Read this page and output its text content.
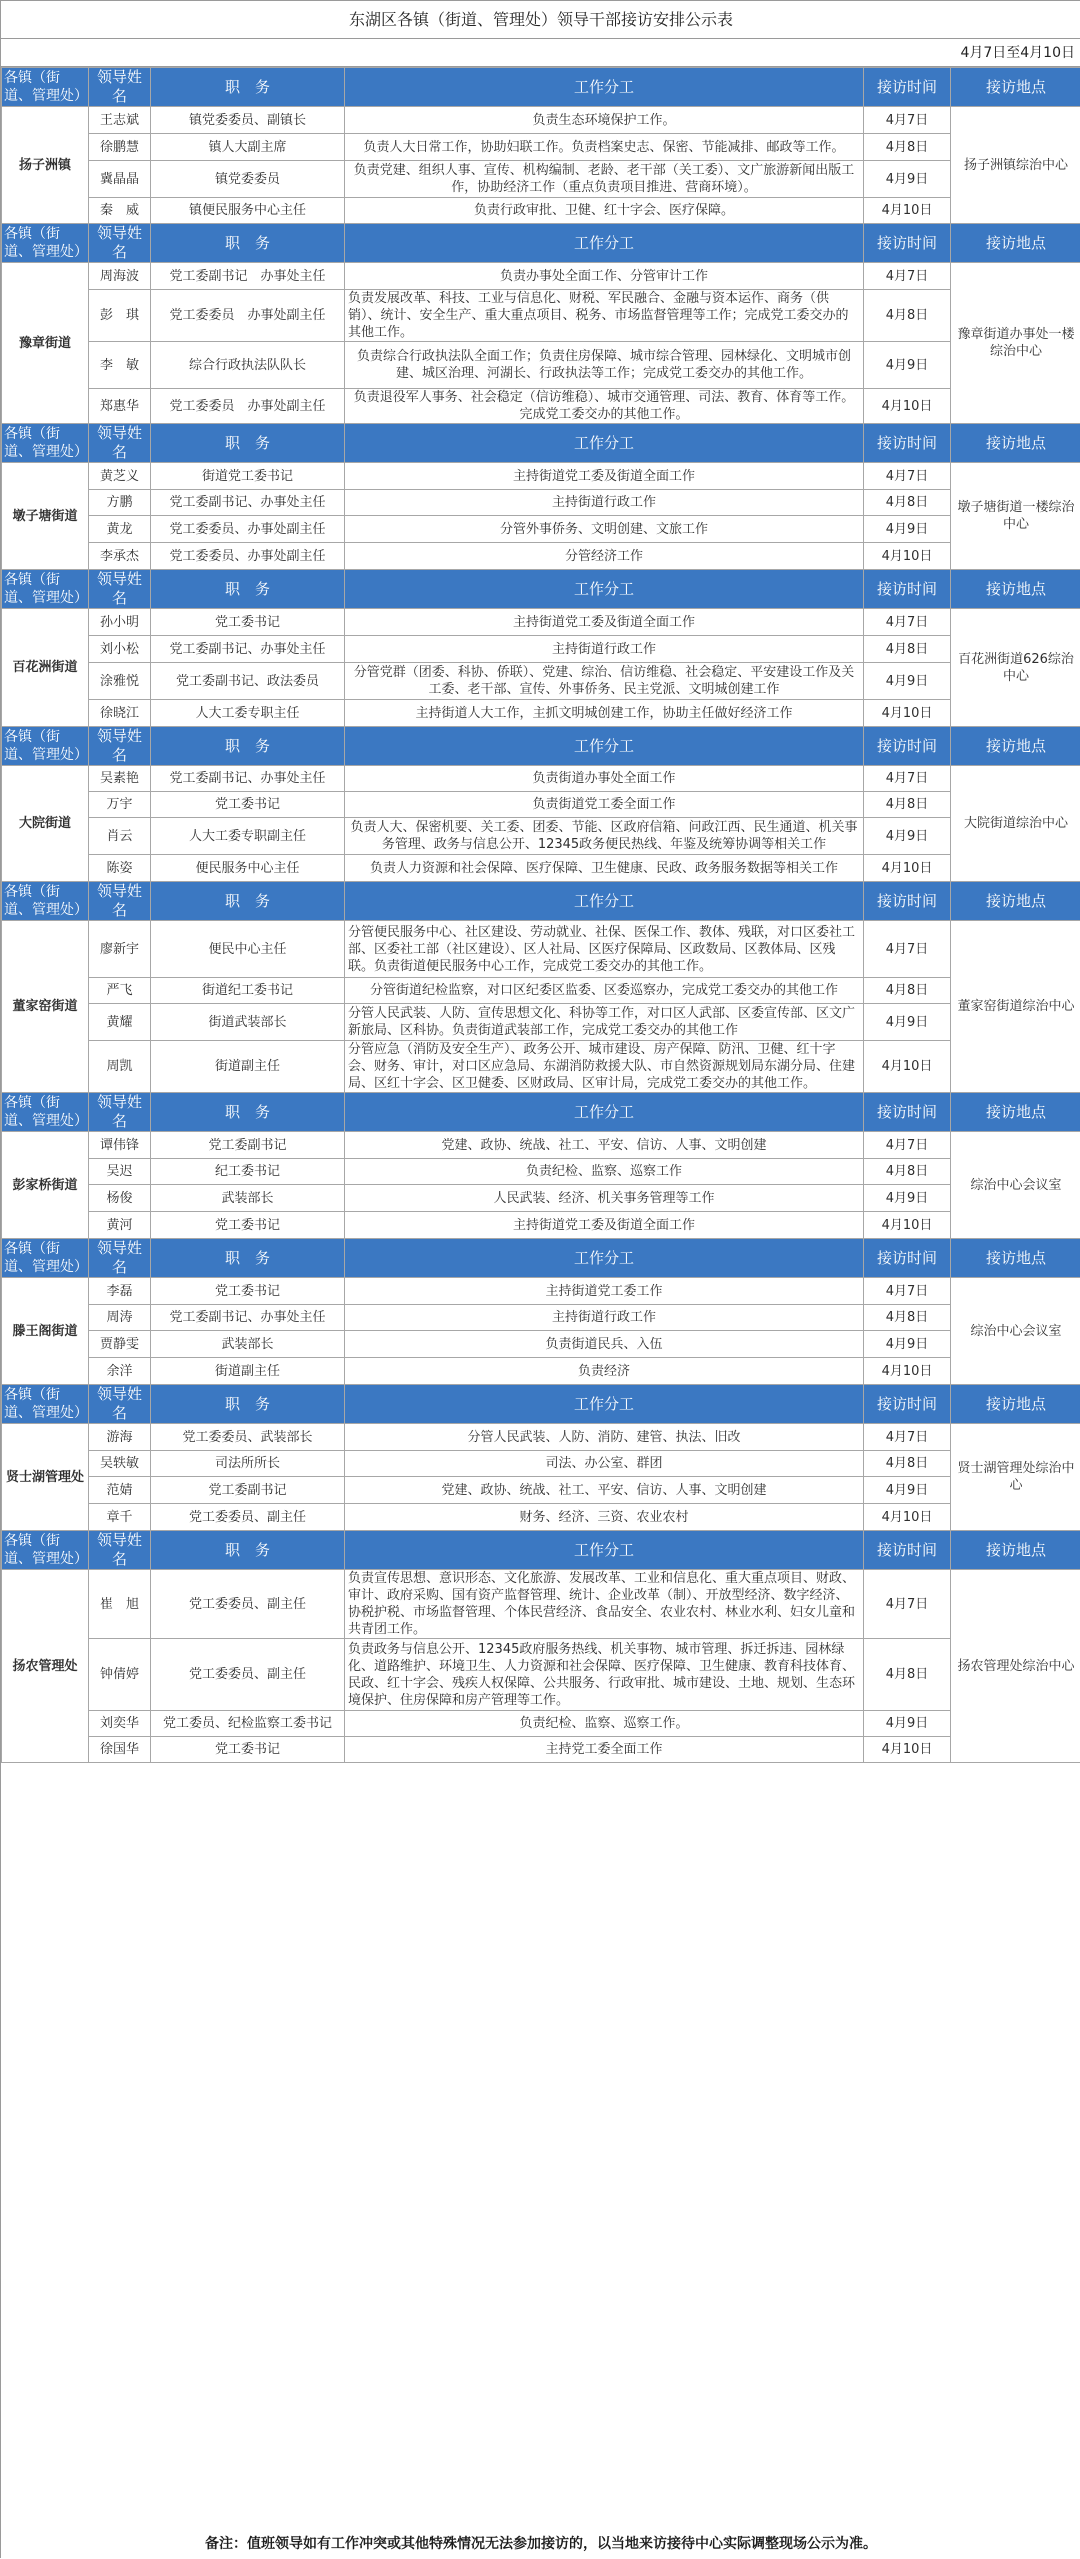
东湖区各镇（街道、管理处）领导干部接访安排公示表
4月7日至4月10日
各镇（街道、管理处）	领导姓名	职　务	工作分工	接访时间	接访地点
扬子洲镇	王志斌	镇党委委员、副镇长	负责生态环境保护工作。	4月7日	扬子洲镇综治中心
	徐鹏慧	镇人大副主席	负责人大日常工作，协助妇联工作。负责档案史志、保密、节能减排、邮政等工作。	4月8日	
	冀晶晶	镇党委委员	负责党建、组织人事、宣传、机构编制、老龄、老干部（关工委）、文广旅游新闻出版工作，协助经济工作（重点负责项目推进、营商环境）。	4月9日	
	秦　威	镇便民服务中心主任	负责行政审批、卫健、红十字会、医疗保障。	4月10日	
各镇（街道、管理处）	领导姓名	职　务	工作分工	接访时间	接访地点
豫章街道	周海波	党工委副书记　办事处主任	负责办事处全面工作、分管审计工作	4月7日	豫章街道办事处一楼综治中心
	彭　琪	党工委委员　办事处副主任	负责发展改革、科技、工业与信息化、财税、军民融合、金融与资本运作、商务（供销）、统计、安全生产、重大重点项目、税务、市场监督管理等工作；完成党工委交办的其他工作。	4月8日	
	李　敏	综合行政执法队队长	负责综合行政执法队全面工作；负责住房保障、城市综合管理、园林绿化、文明城市创建、城区治理、河湖长、行政执法等工作；完成党工委交办的其他工作。	4月9日	
	郑惠华	党工委委员　办事处副主任	负责退役军人事务、社会稳定（信访维稳）、城市交通管理、司法、教育、体育等工作。完成党工委交办的其他工作。	4月10日	
各镇（街道、管理处）	领导姓名	职　务	工作分工	接访时间	接访地点
墩子塘街道	黄芝义	街道党工委书记	主持街道党工委及街道全面工作	4月7日	墩子塘街道一楼综治中心
	方鹏	党工委副书记、办事处主任	主持街道行政工作	4月8日	
	黄龙	党工委委员、办事处副主任	分管外事侨务、文明创建、文旅工作	4月9日	
	李承杰	党工委委员、办事处副主任	分管经济工作	4月10日	
各镇（街道、管理处）	领导姓名	职　务	工作分工	接访时间	接访地点
百花洲街道	孙小明	党工委书记	主持街道党工委及街道全面工作	4月7日	百花洲街道626综治中心
	刘小松	党工委副书记、办事处主任	主持街道行政工作	4月8日	
	涂雅悦	党工委副书记、政法委员	分管党群（团委、科协、侨联）、党建、综治、信访维稳、社会稳定、平安建设工作及关工委、老干部、宣传、外事侨务、民主党派、文明城创建工作	4月9日	
	徐晓江	人大工委专职主任	主持街道人大工作，主抓文明城创建工作，协助主任做好经济工作	4月10日	
各镇（街道、管理处）	领导姓名	职　务	工作分工	接访时间	接访地点
大院街道	吴素艳	党工委副书记、办事处主任	负责街道办事处全面工作	4月7日	大院街道综治中心
	万宇	党工委书记	负责街道党工委全面工作	4月8日	
	肖云	人大工委专职副主任	负责人大、保密机要、关工委、团委、节能、区政府信箱、问政江西、民生通道、机关事务管理、政务与信息公开、12345政务便民热线、年鉴及统筹协调等相关工作	4月9日	
	陈姿	便民服务中心主任	负责人力资源和社会保障、医疗保障、卫生健康、民政、政务服务数据等相关工作	4月10日	
各镇（街道、管理处）	领导姓名	职　务	工作分工	接访时间	接访地点
董家窑街道	廖新宇	便民中心主任	分管便民服务中心、社区建设、劳动就业、社保、医保工作、教体、残联，对口区委社工部、区委社工部（社区建设）、区人社局、区医疗保障局、区政数局、区教体局、区残联。负责街道便民服务中心工作，完成党工委交办的其他工作。	4月7日	董家窑街道综治中心
	严飞	街道纪工委书记	分管街道纪检监察，对口区纪委区监委、区委巡察办，完成党工委交办的其他工作	4月8日	
	黄耀	街道武装部长	分管人民武装、人防、宣传思想文化、科协等工作，对口区人武部、区委宣传部、区文广新旅局、区科协。负责街道武装部工作，完成党工委交办的其他工作	4月9日	
	周凯	街道副主任	分管应急（消防及安全生产）、政务公开、城市建设、房产保障、防汛、卫健、红十字会、财务、审计，对口区应急局、东湖消防救援大队、市自然资源规划局东湖分局、住建局、区红十字会、区卫健委、区财政局、区审计局，完成党工委交办的其他工作。	4月10日	
各镇（街道、管理处）	领导姓名	职　务	工作分工	接访时间	接访地点
彭家桥街道	谭伟锋	党工委副书记	党建、政协、统战、社工、平安、信访、人事、文明创建	4月7日	综治中心会议室
	吴迟	纪工委书记	负责纪检、监察、巡察工作	4月8日	
	杨俊	武装部长	人民武装、经济、机关事务管理等工作	4月9日	
	黄河	党工委书记	主持街道党工委及街道全面工作	4月10日	
各镇（街道、管理处）	领导姓名	职　务	工作分工	接访时间	接访地点
滕王阁街道	李磊	党工委书记	主持街道党工委工作	4月7日	综治中心会议室
	周涛	党工委副书记、办事处主任	主持街道行政工作	4月8日	
	贾静雯	武装部长	负责街道民兵、入伍	4月9日	
	余洋	街道副主任	负责经济	4月10日	
各镇（街道、管理处）	领导姓名	职　务	工作分工	接访时间	接访地点
贤士湖管理处	游海	党工委委员、武装部长	分管人民武装、人防、消防、建管、执法、旧改	4月7日	贤士湖管理处综治中心
	吴轶敏	司法所所长	司法、办公室、群团	4月8日	
	范婧	党工委副书记	党建、政协、统战、社工、平安、信访、人事、文明创建	4月9日	
	章千	党工委委员、副主任	财务、经济、三资、农业农村	4月10日	
各镇（街道、管理处）	领导姓名	职　务	工作分工	接访时间	接访地点
扬农管理处	崔　旭	党工委委员、副主任	负责宣传思想、意识形态、文化旅游、发展改革、工业和信息化、重大重点项目、财政、审计、政府采购、国有资产监督管理、统计、企业改革（制）、开放型经济、数字经济、协税护税、市场监督管理、个体民营经济、食品安全、农业农村、林业水利、妇女儿童和共青团工作。	4月7日	扬农管理处综治中心
	钟倩婷	党工委委员、副主任	负责政务与信息公开、12345政府服务热线、机关事物、城市管理、拆迁拆违、园林绿化、道路维护、环境卫生、人力资源和社会保障、医疗保障、卫生健康、教育科技体育、民政、红十字会、残疾人权保障、公共服务、行政审批、城市建设、土地、规划、生态环境保护、住房保障和房产管理等工作。	4月8日	
	刘奕华	党工委员、纪检监察工委书记	负责纪检、监察、巡察工作。	4月9日	
	徐国华	党工委书记	主持党工委全面工作	4月10日	
备注：值班领导如有工作冲突或其他特殊情况无法参加接访的，以当地来访接待中心实际调整现场公示为准。
